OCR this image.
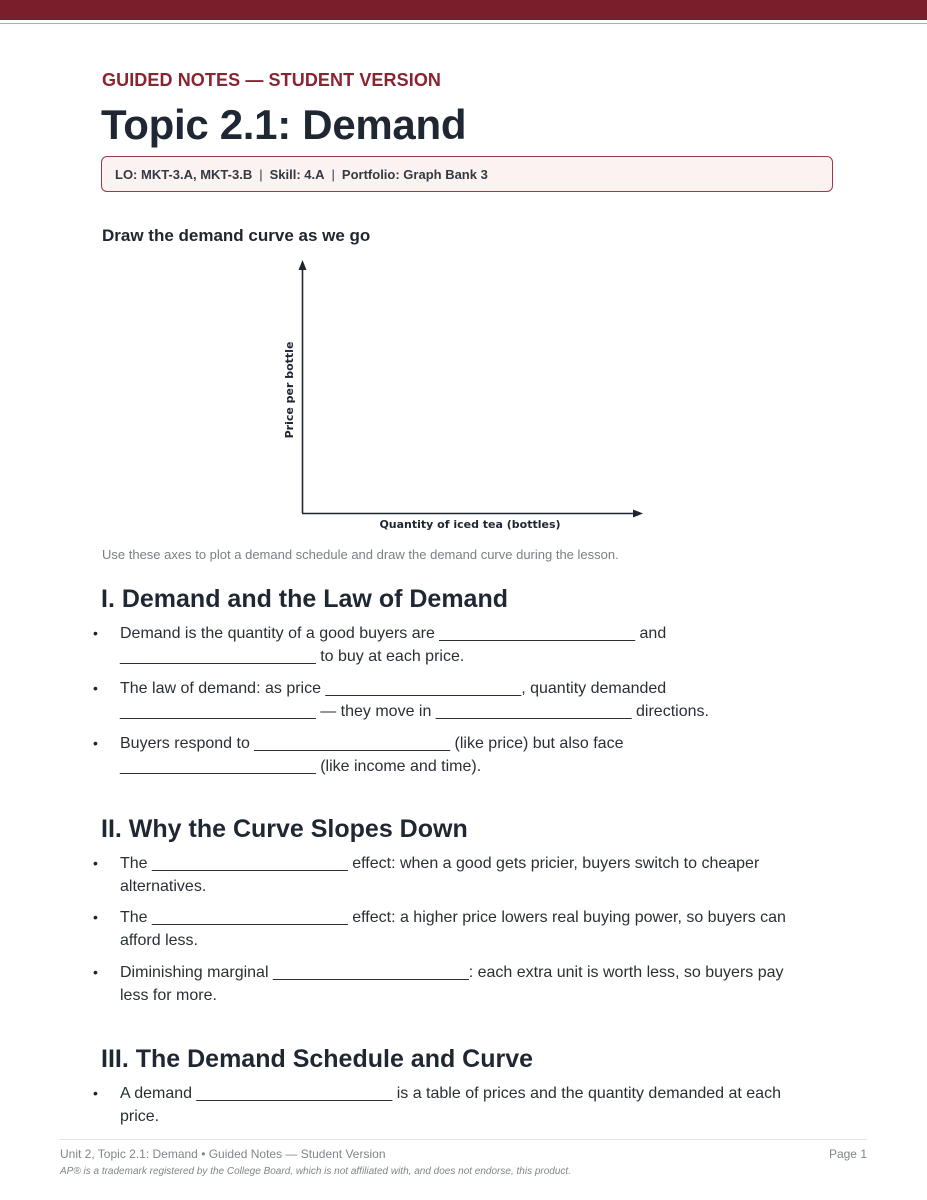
GUIDED NOTES — STUDENT VERSION
Topic 2.1: Demand
LO: MKT-3.A, MKT-3.B | Skill: 4.A | Portfolio: Graph Bank 3
Draw the demand curve as we go
Price per bottle
Quantity of iced tea (bottles)
Use these axes to plot a demand schedule and draw the demand curve during the lesson.
I. Demand and the Law of Demand
• Demand is the quantity of a good buyers are ______________________ and
______________________ to buy at each price.
• The law of demand: as price ______________________, quantity demanded
______________________ — they move in ______________________ directions.
• Buyers respond to ______________________ (like price) but also face
______________________ (like income and time).
II. Why the Curve Slopes Down
• The ______________________ effect: when a good gets pricier, buyers switch to cheaper
alternatives.
• The ______________________ effect: a higher price lowers real buying power, so buyers can
afford less.
• Diminishing marginal ______________________: each extra unit is worth less, so buyers pay
less for more.
III. The Demand Schedule and Curve
• A demand ______________________ is a table of prices and the quantity demanded at each
price.
Unit 2, Topic 2.1: Demand • Guided Notes — Student Version	Page 1
AP® is a trademark registered by the College Board, which is not affiliated with, and does not endorse, this product.
